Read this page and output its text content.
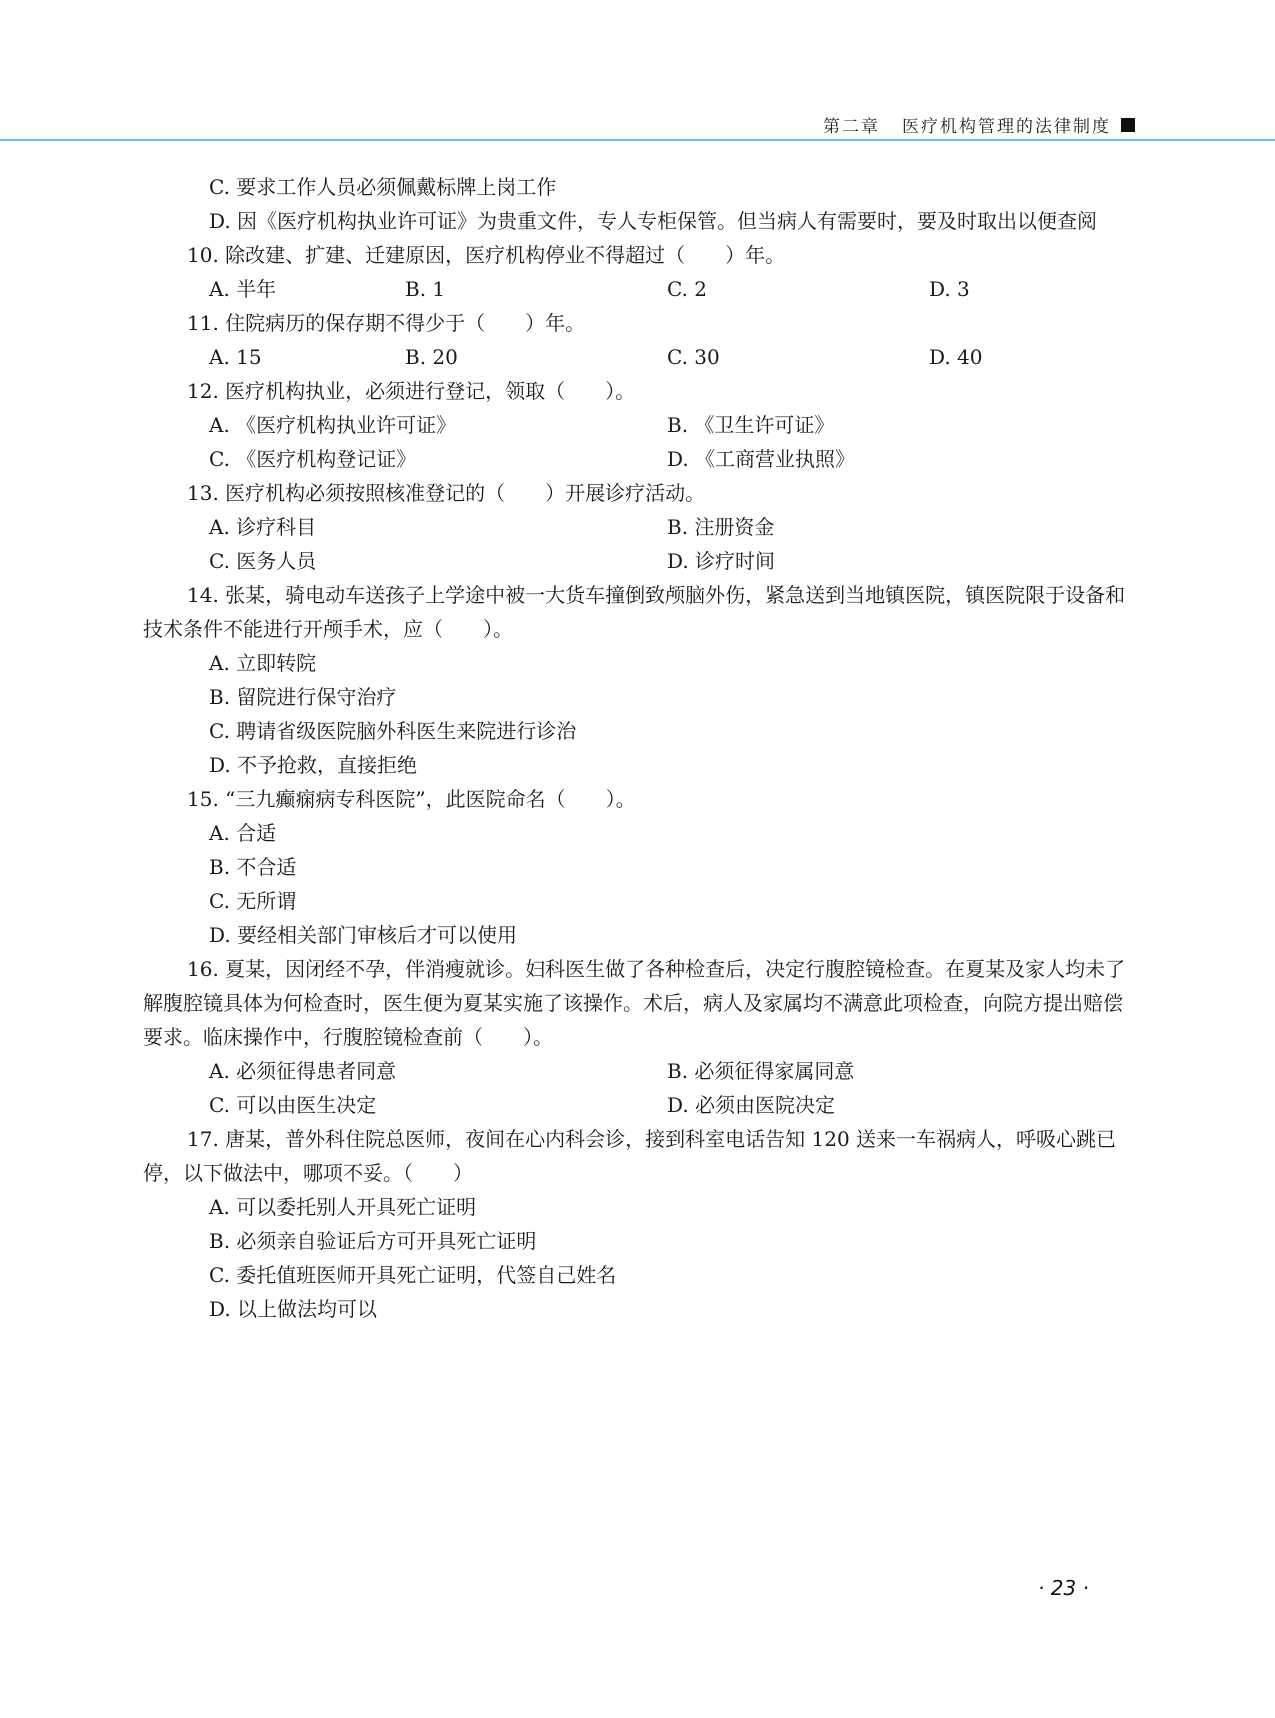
第二章 医疗机构管理的法律制度
C. 要求工作人员必须佩戴标牌上岗工作
D. 因《医疗机构执业许可证》为贵重文件，专人专柜保管。但当病人有需要时，要及时取出以便查阅
10. 除改建、扩建、迁建原因，医疗机构停业不得超过（　　）年。
A. 半年	B. 1	C. 2	D. 3
11. 住院病历的保存期不得少于（　　）年。
A. 15	B. 20	C. 30	D. 40
12. 医疗机构执业，必须进行登记，领取（　　）。
A. 《医疗机构执业许可证》	B. 《卫生许可证》
C. 《医疗机构登记证》	D. 《工商营业执照》
13. 医疗机构必须按照核准登记的（　　）开展诊疗活动。
A. 诊疗科目	B. 注册资金
C. 医务人员	D. 诊疗时间
14. 张某，骑电动车送孩子上学途中被一大货车撞倒致颅脑外伤，紧急送到当地镇医院，镇医院限于设备和技术条件不能进行开颅手术，应（　　）。
A. 立即转院
B. 留院进行保守治疗
C. 聘请省级医院脑外科医生来院进行诊治
D. 不予抢救，直接拒绝
15. “三九癫痫病专科医院”，此医院命名（　　）。
A. 合适
B. 不合适
C. 无所谓
D. 要经相关部门审核后才可以使用
16. 夏某，因闭经不孕，伴消瘦就诊。妇科医生做了各种检查后，决定行腹腔镜检查。在夏某及家人均未了解腹腔镜具体为何检查时，医生便为夏某实施了该操作。术后，病人及家属均不满意此项检查，向院方提出赔偿要求。临床操作中，行腹腔镜检查前（　　）。
A. 必须征得患者同意	B. 必须征得家属同意
C. 可以由医生决定	D. 必须由医院决定
17. 唐某，普外科住院总医师，夜间在心内科会诊，接到科室电话告知 120 送来一车祸病人，呼吸心跳已停，以下做法中，哪项不妥。（　　）
A. 可以委托别人开具死亡证明
B. 必须亲自验证后方可开具死亡证明
C. 委托值班医师开具死亡证明，代签自己姓名
D. 以上做法均可以
· 23 ·
